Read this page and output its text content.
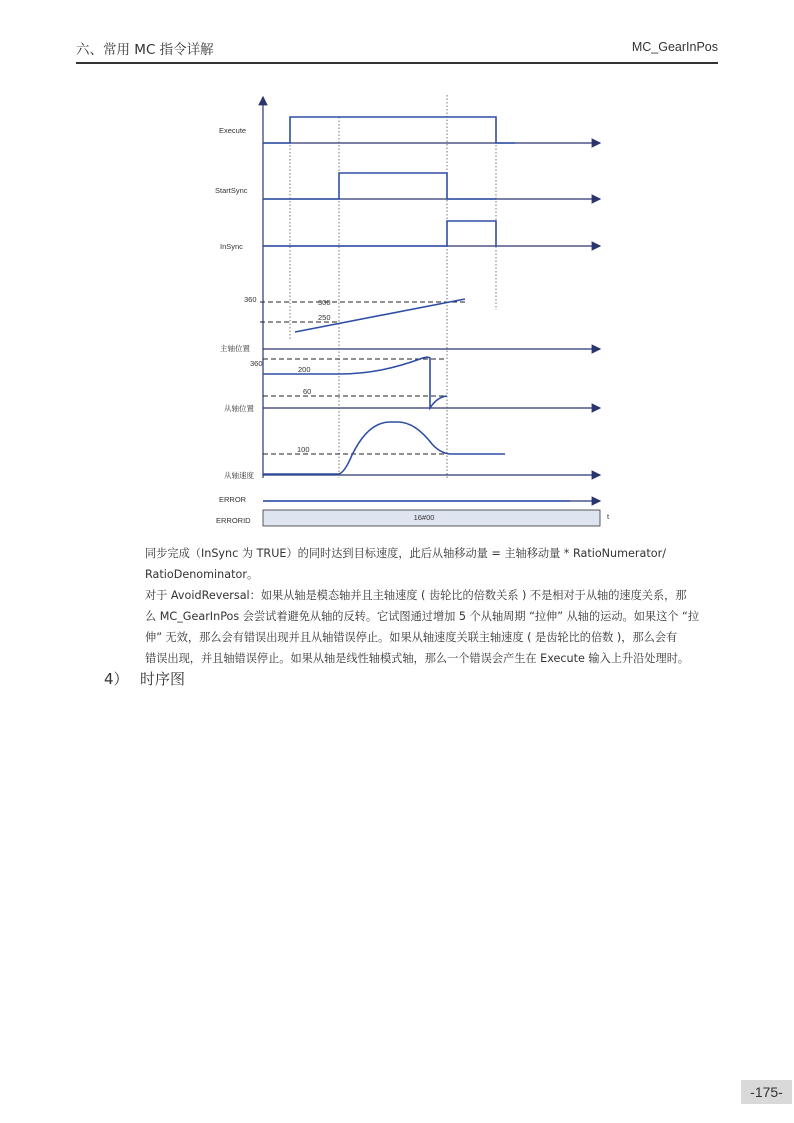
六、常用 MC 指令详解	MC_GearInPos
Execute
StartSync
InSync
360	300
250
主轴位置
360
200
60
从轴位置
100
从轴速度
ERROR
ERRORID	16#00	t
同步完成（InSync 为 TRUE）的同时达到目标速度，此后从轴移动量 = 主轴移动量 * RatioNumerator/
RatioDenominator。
对于 AvoidReversal：如果从轴是模态轴并且主轴速度 ( 齿轮比的倍数关系 ) 不是相对于从轴的速度关系，那
么 MC_GearInPos 会尝试着避免从轴的反转。它试图通过增加 5 个从轴周期 “拉伸” 从轴的运动。如果这个 “拉
伸” 无效，那么会有错误出现并且从轴错误停止。如果从轴速度关联主轴速度 ( 是齿轮比的倍数 )，那么会有
错误出现，并且轴错误停止。如果从轴是线性轴模式轴，那么一个错误会产生在 Execute 输入上升沿处理时。
4） 时序图
-175-
